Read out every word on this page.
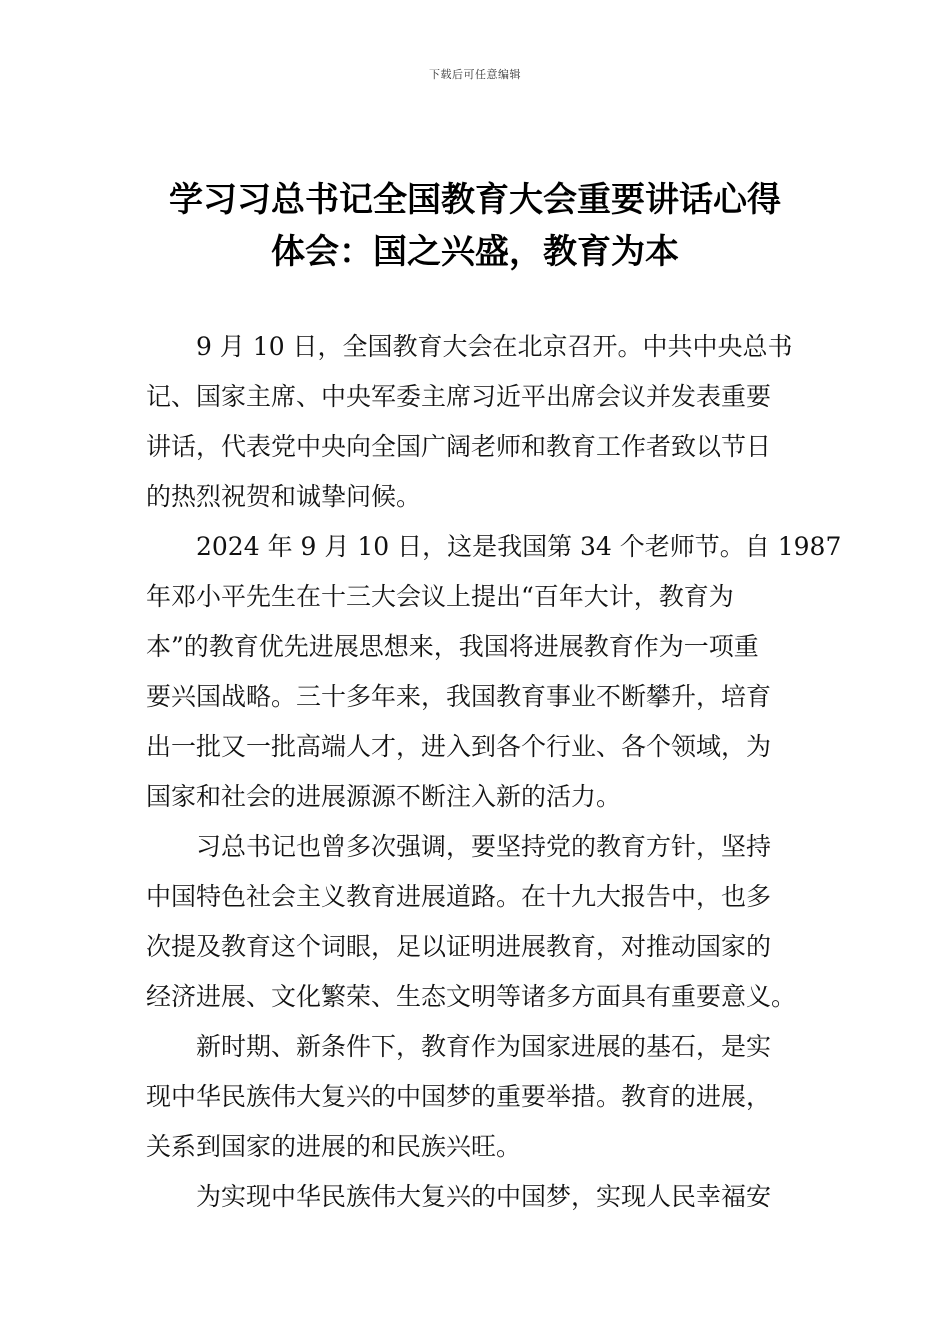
下载后可任意编辑
学习习总书记全国教育大会重要讲话心得
体会：国之兴盛，教育为本
9 月 10 日，全国教育大会在北京召开。中共中央总书
记、国家主席、中央军委主席习近平出席会议并发表重要
讲话，代表党中央向全国广阔老师和教育工作者致以节日
的热烈祝贺和诚挚问候。
2024 年 9 月 10 日，这是我国第 34 个老师节。自 1987
年邓小平先生在十三大会议上提出“百年大计，教育为
本”的教育优先进展思想来，我国将进展教育作为一项重
要兴国战略。三十多年来，我国教育事业不断攀升，培育
出一批又一批高端人才，进入到各个行业、各个领域，为
国家和社会的进展源源不断注入新的活力。
习总书记也曾多次强调，要坚持党的教育方针，坚持
中国特色社会主义教育进展道路。在十九大报告中，也多
次提及教育这个词眼，足以证明进展教育，对推动国家的
经济进展、文化繁荣、生态文明等诸多方面具有重要意义。
新时期、新条件下，教育作为国家进展的基石，是实
现中华民族伟大复兴的中国梦的重要举措。教育的进展，
关系到国家的进展的和民族兴旺。
为实现中华民族伟大复兴的中国梦，实现人民幸福安
